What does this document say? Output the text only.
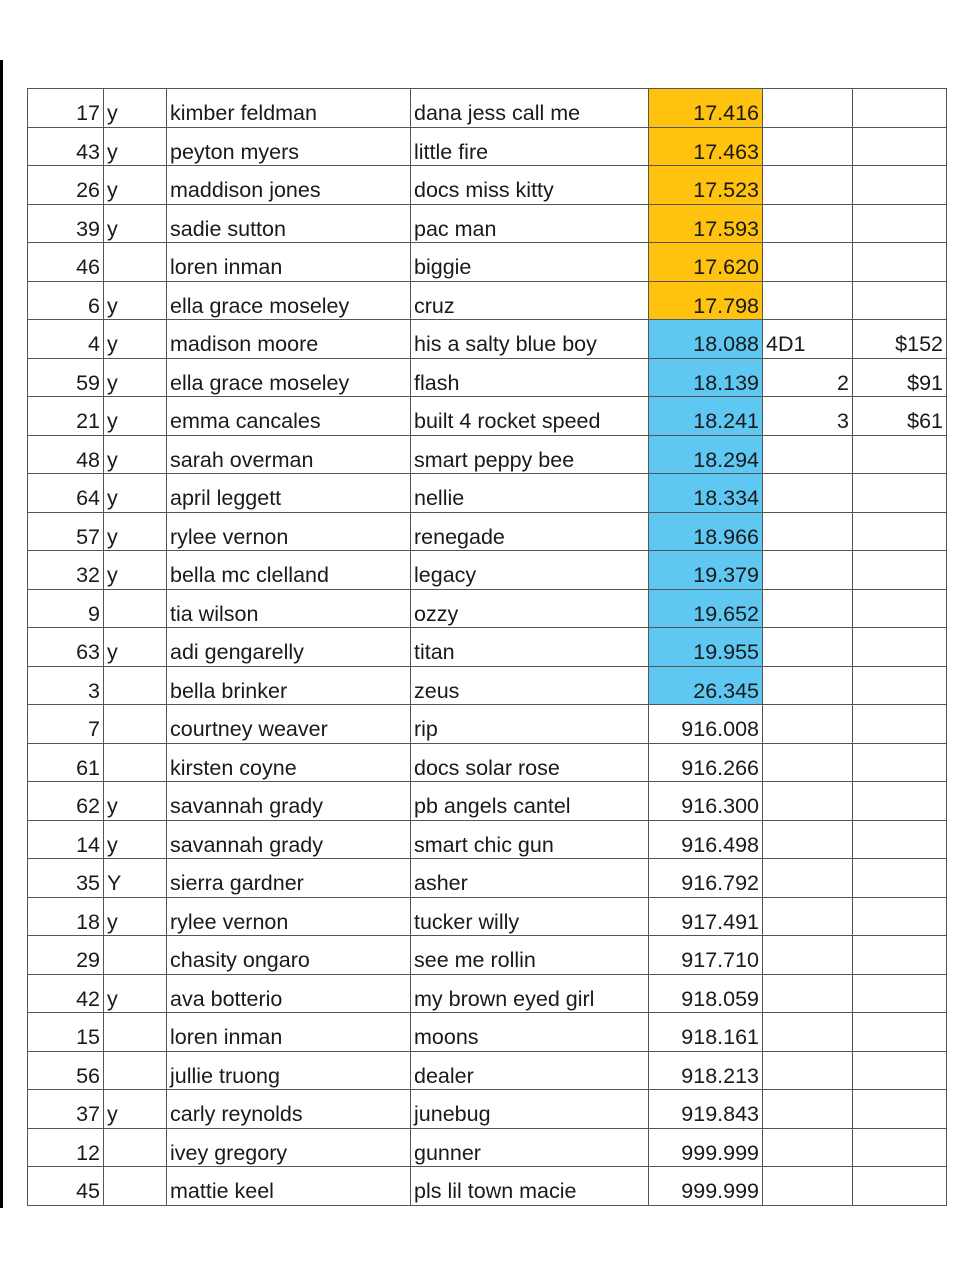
17	y	kimber feldman	dana jess call me	17.416		
43	y	peyton myers	little fire	17.463		
26	y	maddison jones	docs miss kitty	17.523		
39	y	sadie sutton	pac man	17.593		
46		loren inman	biggie	17.620		
6	y	ella grace moseley	cruz	17.798		
4	y	madison moore	his a salty blue boy	18.088	4D1	$152
59	y	ella grace moseley	flash	18.139	2	$91
21	y	emma cancales	built 4 rocket speed	18.241	3	$61
48	y	sarah overman	smart peppy bee	18.294		
64	y	april leggett	nellie	18.334		
57	y	rylee vernon	renegade	18.966		
32	y	bella mc clelland	legacy	19.379		
9		tia wilson	ozzy	19.652		
63	y	adi gengarelly	titan	19.955		
3		bella brinker	zeus	26.345		
7		courtney weaver	rip	916.008		
61		kirsten coyne	docs solar rose	916.266		
62	y	savannah grady	pb angels cantel	916.300		
14	y	savannah grady	smart chic gun	916.498		
35	Y	sierra gardner	asher	916.792		
18	y	rylee vernon	tucker willy	917.491		
29		chasity ongaro	see me rollin	917.710		
42	y	ava botterio	my brown eyed girl	918.059		
15		loren inman	moons	918.161		
56		jullie truong	dealer	918.213		
37	y	carly reynolds	junebug	919.843		
12		ivey gregory	gunner	999.999		
45		mattie keel	pls lil town macie	999.999		
